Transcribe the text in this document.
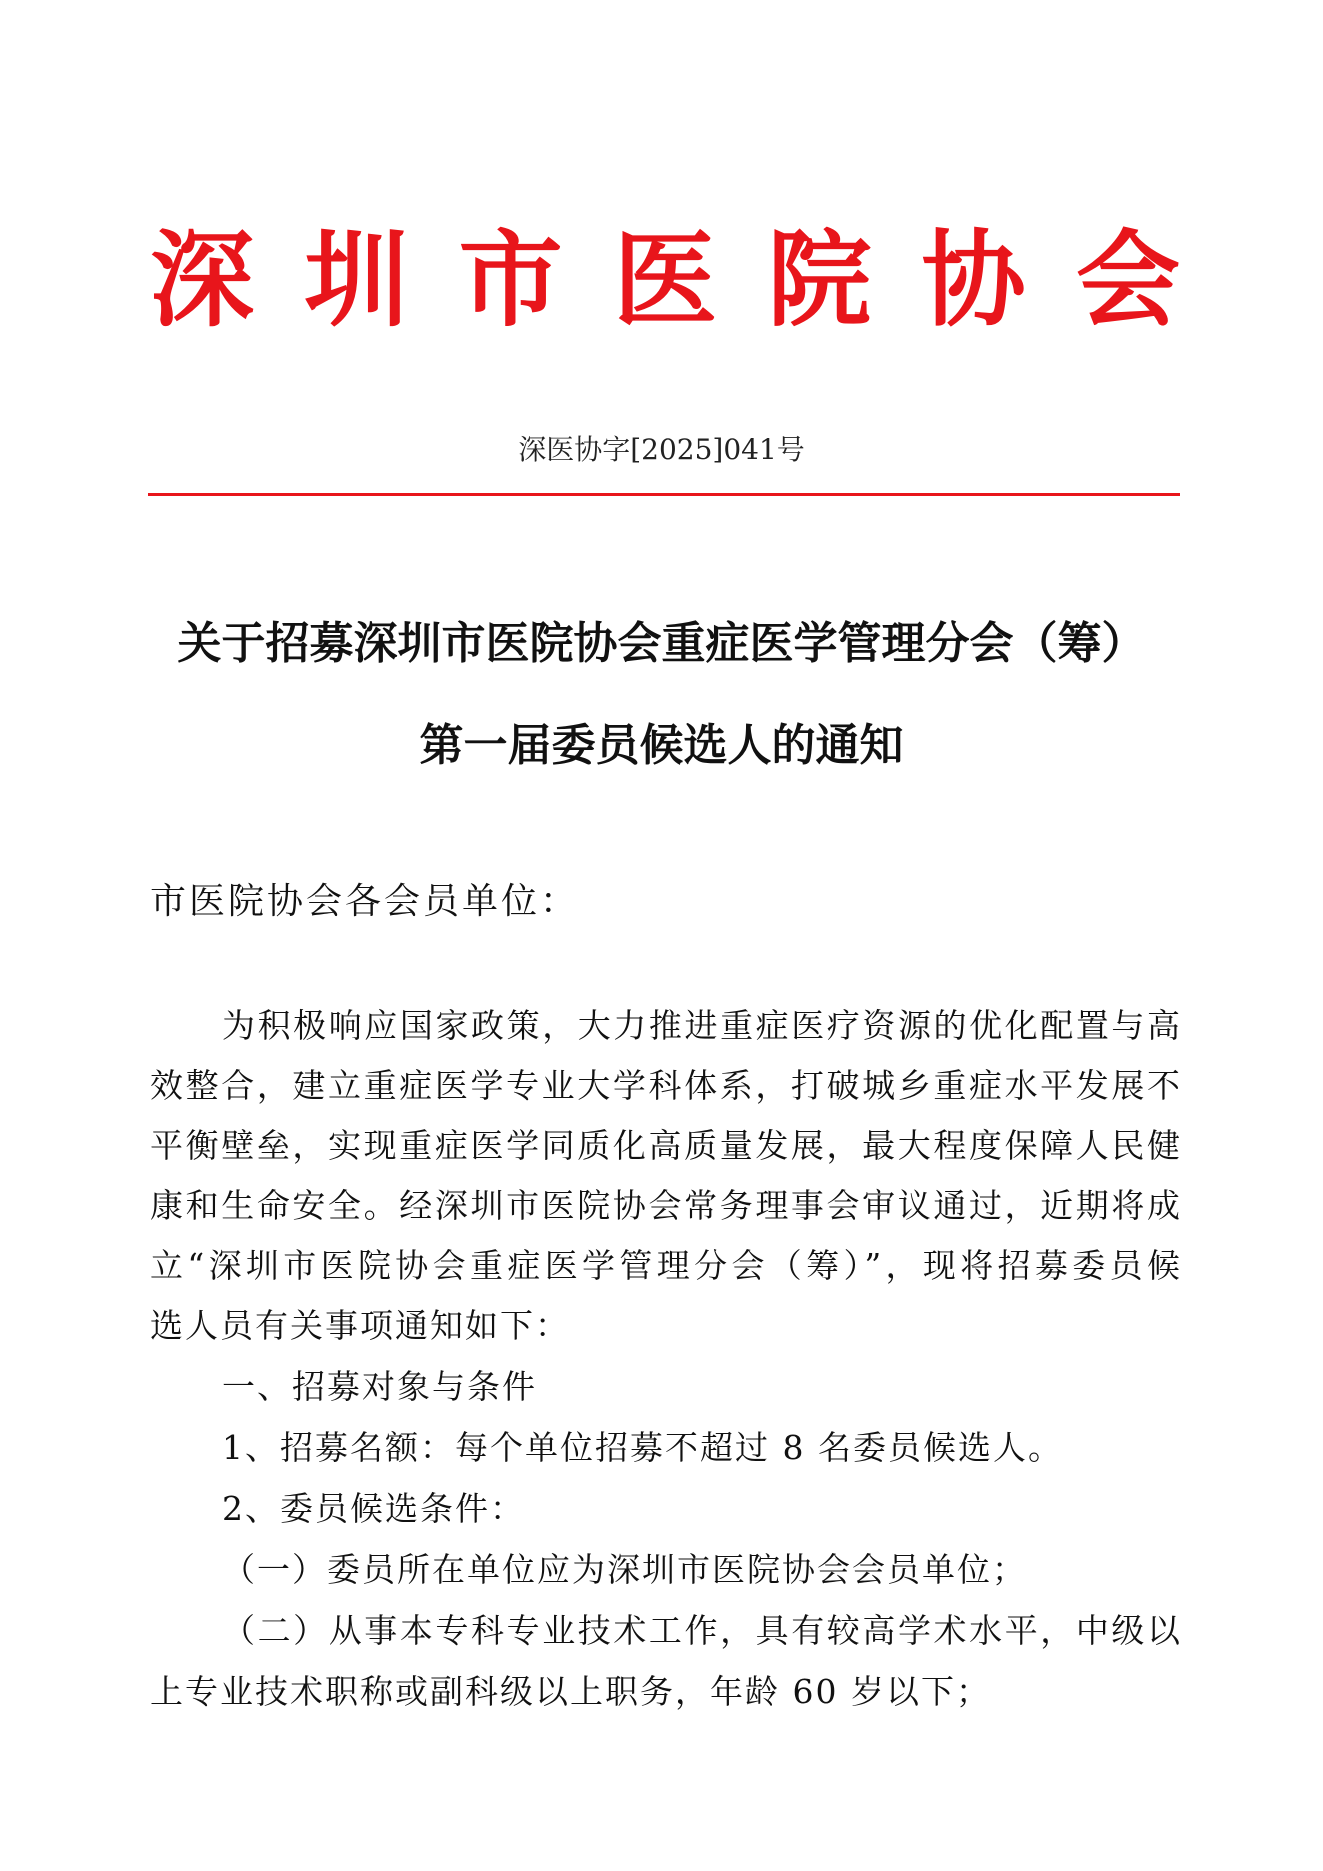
深 圳 市 医 院 协 会
深医协字[2025]041号
关于招募深圳市医院协会重症医学管理分会（筹）
第一届委员候选人的通知
市医院协会各会员单位：
为积极响应国家政策，大力推进重症医疗资源的优化配置与高
效整合，建立重症医学专业大学科体系，打破城乡重症水平发展不
平衡壁垒，实现重症医学同质化高质量发展，最大程度保障人民健
康和生命安全。经深圳市医院协会常务理事会审议通过，近期将成
立“深圳市医院协会重症医学管理分会（筹）”，现将招募委员候
选人员有关事项通知如下：
一、招募对象与条件
1、招募名额：每个单位招募不超过 8 名委员候选人。
2、委员候选条件：
（一）委员所在单位应为深圳市医院协会会员单位；
（二）从事本专科专业技术工作，具有较高学术水平，中级以
上专业技术职称或副科级以上职务，年龄 60 岁以下；
